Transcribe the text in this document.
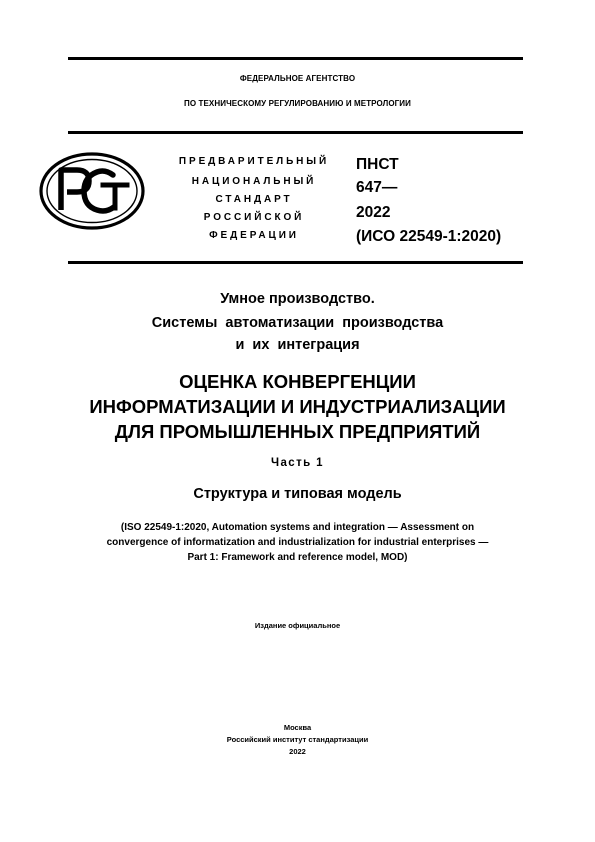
ФЕДЕРАЛЬНОЕ АГЕНТСТВО
ПО ТЕХНИЧЕСКОМУ РЕГУЛИРОВАНИЮ И МЕТРОЛОГИИ
ПРЕДВАРИТЕЛЬНЫЙ
НАЦИОНАЛЬНЫЙ
СТАНДАРТ
РОССИЙСКОЙ
ФЕДЕРАЦИИ
ПНСТ
647—
2022
(ИСО 22549-1:2020)
Умное производство.
Системы  автоматизации  производства
и  их  интеграция
ОЦЕНКА КОНВЕРГЕНЦИИ
ИНФОРМАТИЗАЦИИ И ИНДУСТРИАЛИЗАЦИИ
ДЛЯ ПРОМЫШЛЕННЫХ ПРЕДПРИЯТИЙ
Часть 1
Структура и типовая модель
(ISO 22549-1:2020, Automation systems and integration — Assessment on
convergence of informatization and industrialization for industrial enterprises —
Part 1: Framework and reference model, MOD)
Издание официальное
Москва
Российский институт стандартизации
2022
